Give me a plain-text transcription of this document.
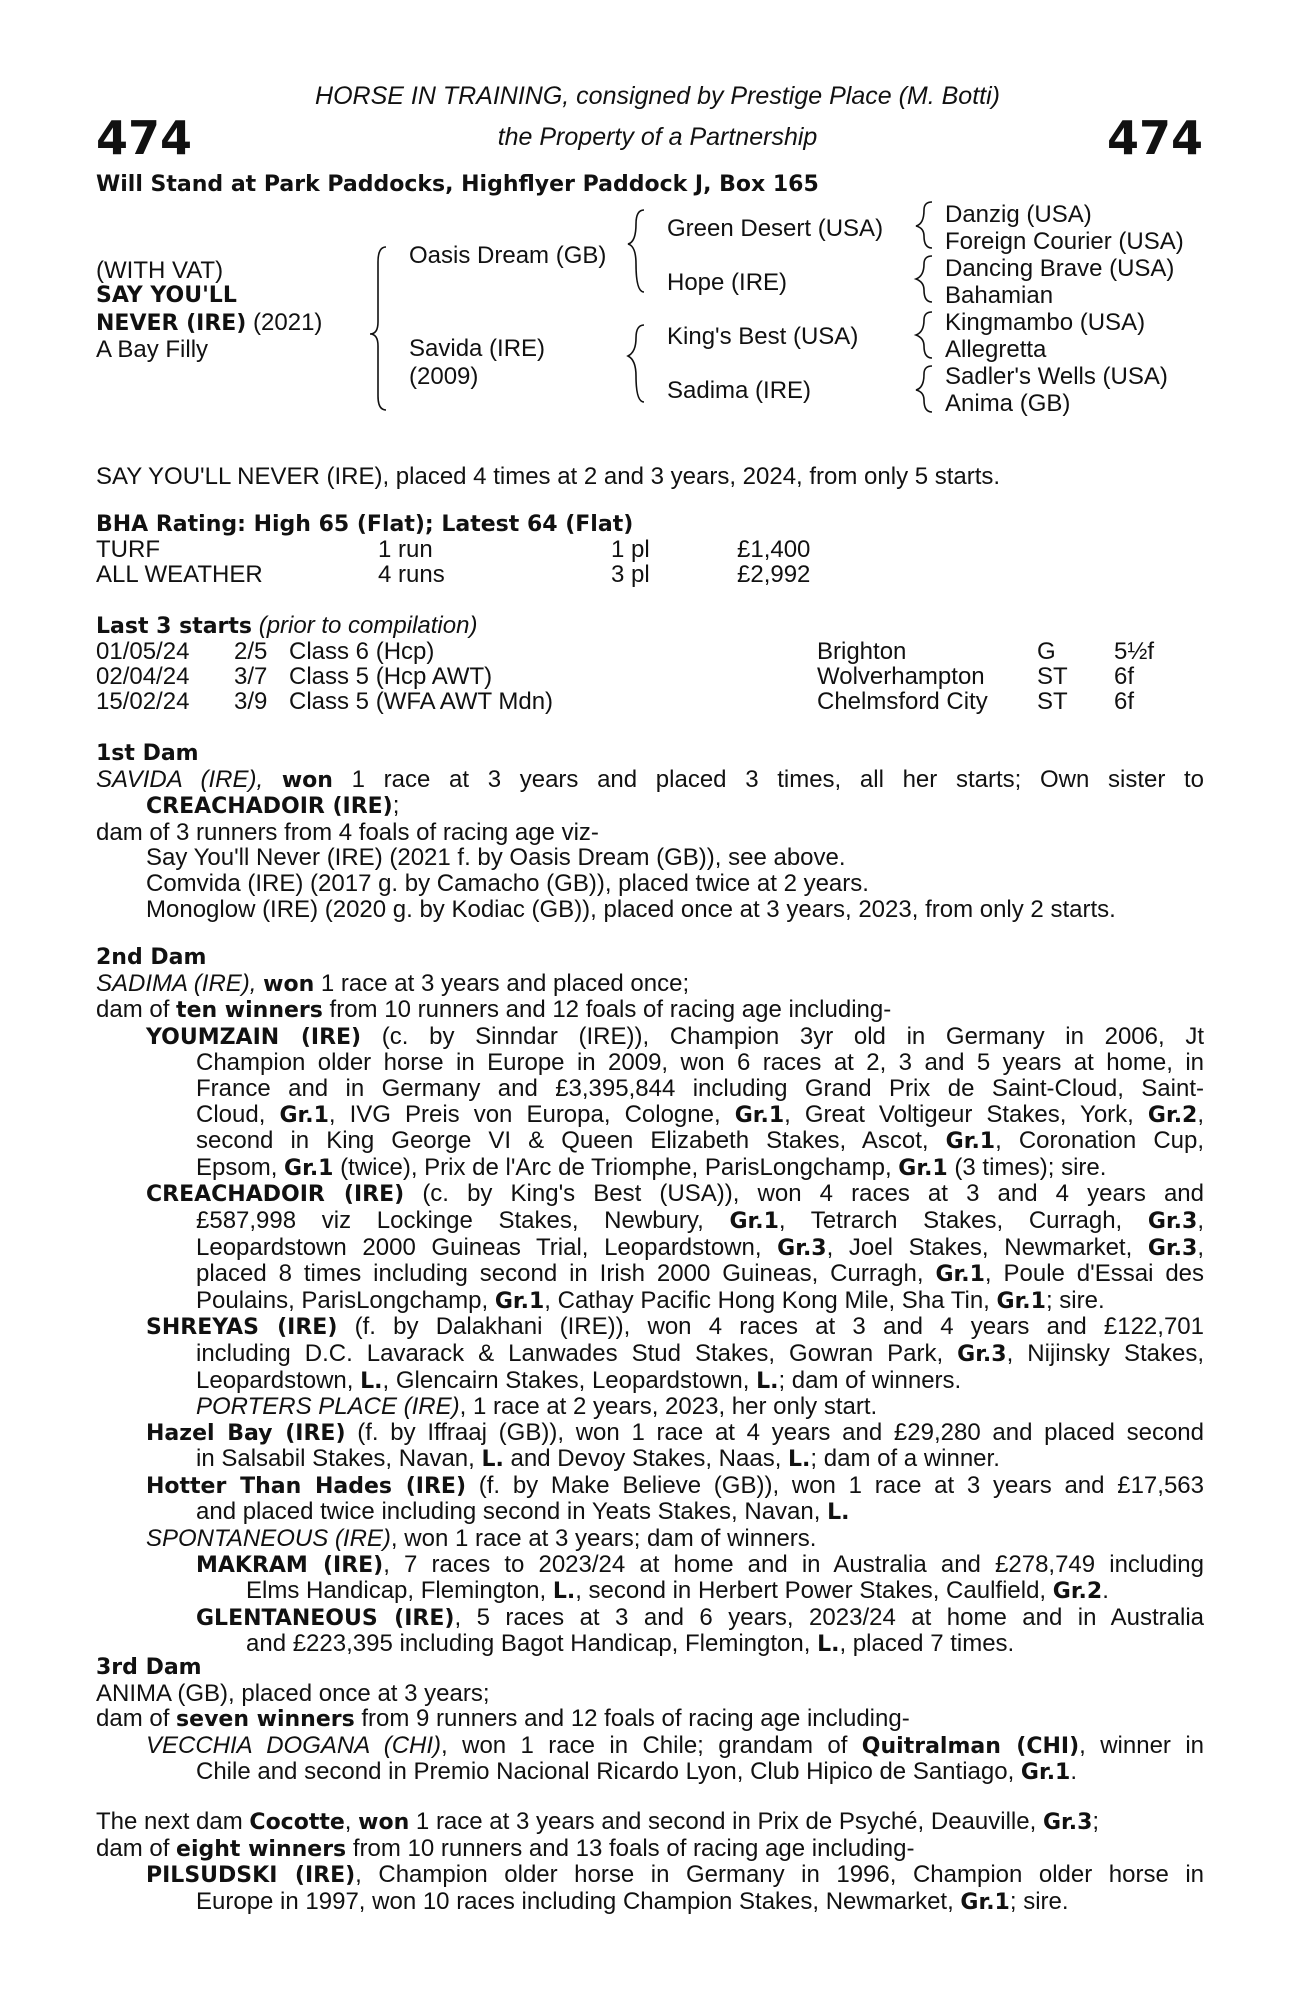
474	474
HORSE IN TRAINING, consigned by Prestige Place (M. Botti)
the Property of a Partnership
Will Stand at Park Paddocks, Highflyer Paddock J, Box 165
(WITH VAT)
SAY YOU'LL
NEVER (IRE) (2021)
A Bay Filly
Oasis Dream (GB)
Savida (IRE)
(2009)
Green Desert (USA)
Hope (IRE)
King's Best (USA)
Sadima (IRE)
Danzig (USA)
Foreign Courier (USA)
Dancing Brave (USA)
Bahamian
Kingmambo (USA)
Allegretta
Sadler's Wells (USA)
Anima (GB)
SAY YOU'LL NEVER (IRE), placed 4 times at 2 and 3 years, 2024, from only 5 starts.
BHA Rating: High 65 (Flat); Latest 64 (Flat)
TURF	1 run	1 pl	£1,400
ALL WEATHER	4 runs	3 pl	£2,992
Last 3 starts (prior to compilation)
01/05/24	2/5	Class 6 (Hcp)	Brighton	G	5½f
02/04/24	3/7	Class 5 (Hcp AWT)	Wolverhampton	ST	6f
15/02/24	3/9	Class 5 (WFA AWT Mdn)	Chelmsford City	ST	6f
1st Dam
SAVIDA (IRE), won 1 race at 3 years and placed 3 times, all her starts; Own sister to
CREACHADOIR (IRE);
dam of 3 runners from 4 foals of racing age viz-
Say You'll Never (IRE) (2021 f. by Oasis Dream (GB)), see above.
Comvida (IRE) (2017 g. by Camacho (GB)), placed twice at 2 years.
Monoglow (IRE) (2020 g. by Kodiac (GB)), placed once at 3 years, 2023, from only 2 starts.
2nd Dam
SADIMA (IRE), won 1 race at 3 years and placed once;
dam of ten winners from 10 runners and 12 foals of racing age including-
YOUMZAIN (IRE) (c. by Sinndar (IRE)), Champion 3yr old in Germany in 2006, Jt
Champion older horse in Europe in 2009, won 6 races at 2, 3 and 5 years at home, in
France and in Germany and £3,395,844 including Grand Prix de Saint-Cloud, Saint-
Cloud, Gr.1, IVG Preis von Europa, Cologne, Gr.1, Great Voltigeur Stakes, York, Gr.2,
second in King George VI & Queen Elizabeth Stakes, Ascot, Gr.1, Coronation Cup,
Epsom, Gr.1 (twice), Prix de l'Arc de Triomphe, ParisLongchamp, Gr.1 (3 times); sire.
CREACHADOIR (IRE) (c. by King's Best (USA)), won 4 races at 3 and 4 years and
£587,998 viz Lockinge Stakes, Newbury, Gr.1, Tetrarch Stakes, Curragh, Gr.3,
Leopardstown 2000 Guineas Trial, Leopardstown, Gr.3, Joel Stakes, Newmarket, Gr.3,
placed 8 times including second in Irish 2000 Guineas, Curragh, Gr.1, Poule d'Essai des
Poulains, ParisLongchamp, Gr.1, Cathay Pacific Hong Kong Mile, Sha Tin, Gr.1; sire.
SHREYAS (IRE) (f. by Dalakhani (IRE)), won 4 races at 3 and 4 years and £122,701
including D.C. Lavarack & Lanwades Stud Stakes, Gowran Park, Gr.3, Nijinsky Stakes,
Leopardstown, L., Glencairn Stakes, Leopardstown, L.; dam of winners.
PORTERS PLACE (IRE), 1 race at 2 years, 2023, her only start.
Hazel Bay (IRE) (f. by Iffraaj (GB)), won 1 race at 4 years and £29,280 and placed second
in Salsabil Stakes, Navan, L. and Devoy Stakes, Naas, L.; dam of a winner.
Hotter Than Hades (IRE) (f. by Make Believe (GB)), won 1 race at 3 years and £17,563
and placed twice including second in Yeats Stakes, Navan, L.
SPONTANEOUS (IRE), won 1 race at 3 years; dam of winners.
MAKRAM (IRE), 7 races to 2023/24 at home and in Australia and £278,749 including
Elms Handicap, Flemington, L., second in Herbert Power Stakes, Caulfield, Gr.2.
GLENTANEOUS (IRE), 5 races at 3 and 6 years, 2023/24 at home and in Australia
and £223,395 including Bagot Handicap, Flemington, L., placed 7 times.
3rd Dam
ANIMA (GB), placed once at 3 years;
dam of seven winners from 9 runners and 12 foals of racing age including-
VECCHIA DOGANA (CHI), won 1 race in Chile; grandam of Quitralman (CHI), winner in
Chile and second in Premio Nacional Ricardo Lyon, Club Hipico de Santiago, Gr.1.
The next dam Cocotte, won 1 race at 3 years and second in Prix de Psyché, Deauville, Gr.3;
dam of eight winners from 10 runners and 13 foals of racing age including-
PILSUDSKI (IRE), Champion older horse in Germany in 1996, Champion older horse in
Europe in 1997, won 10 races including Champion Stakes, Newmarket, Gr.1; sire.
